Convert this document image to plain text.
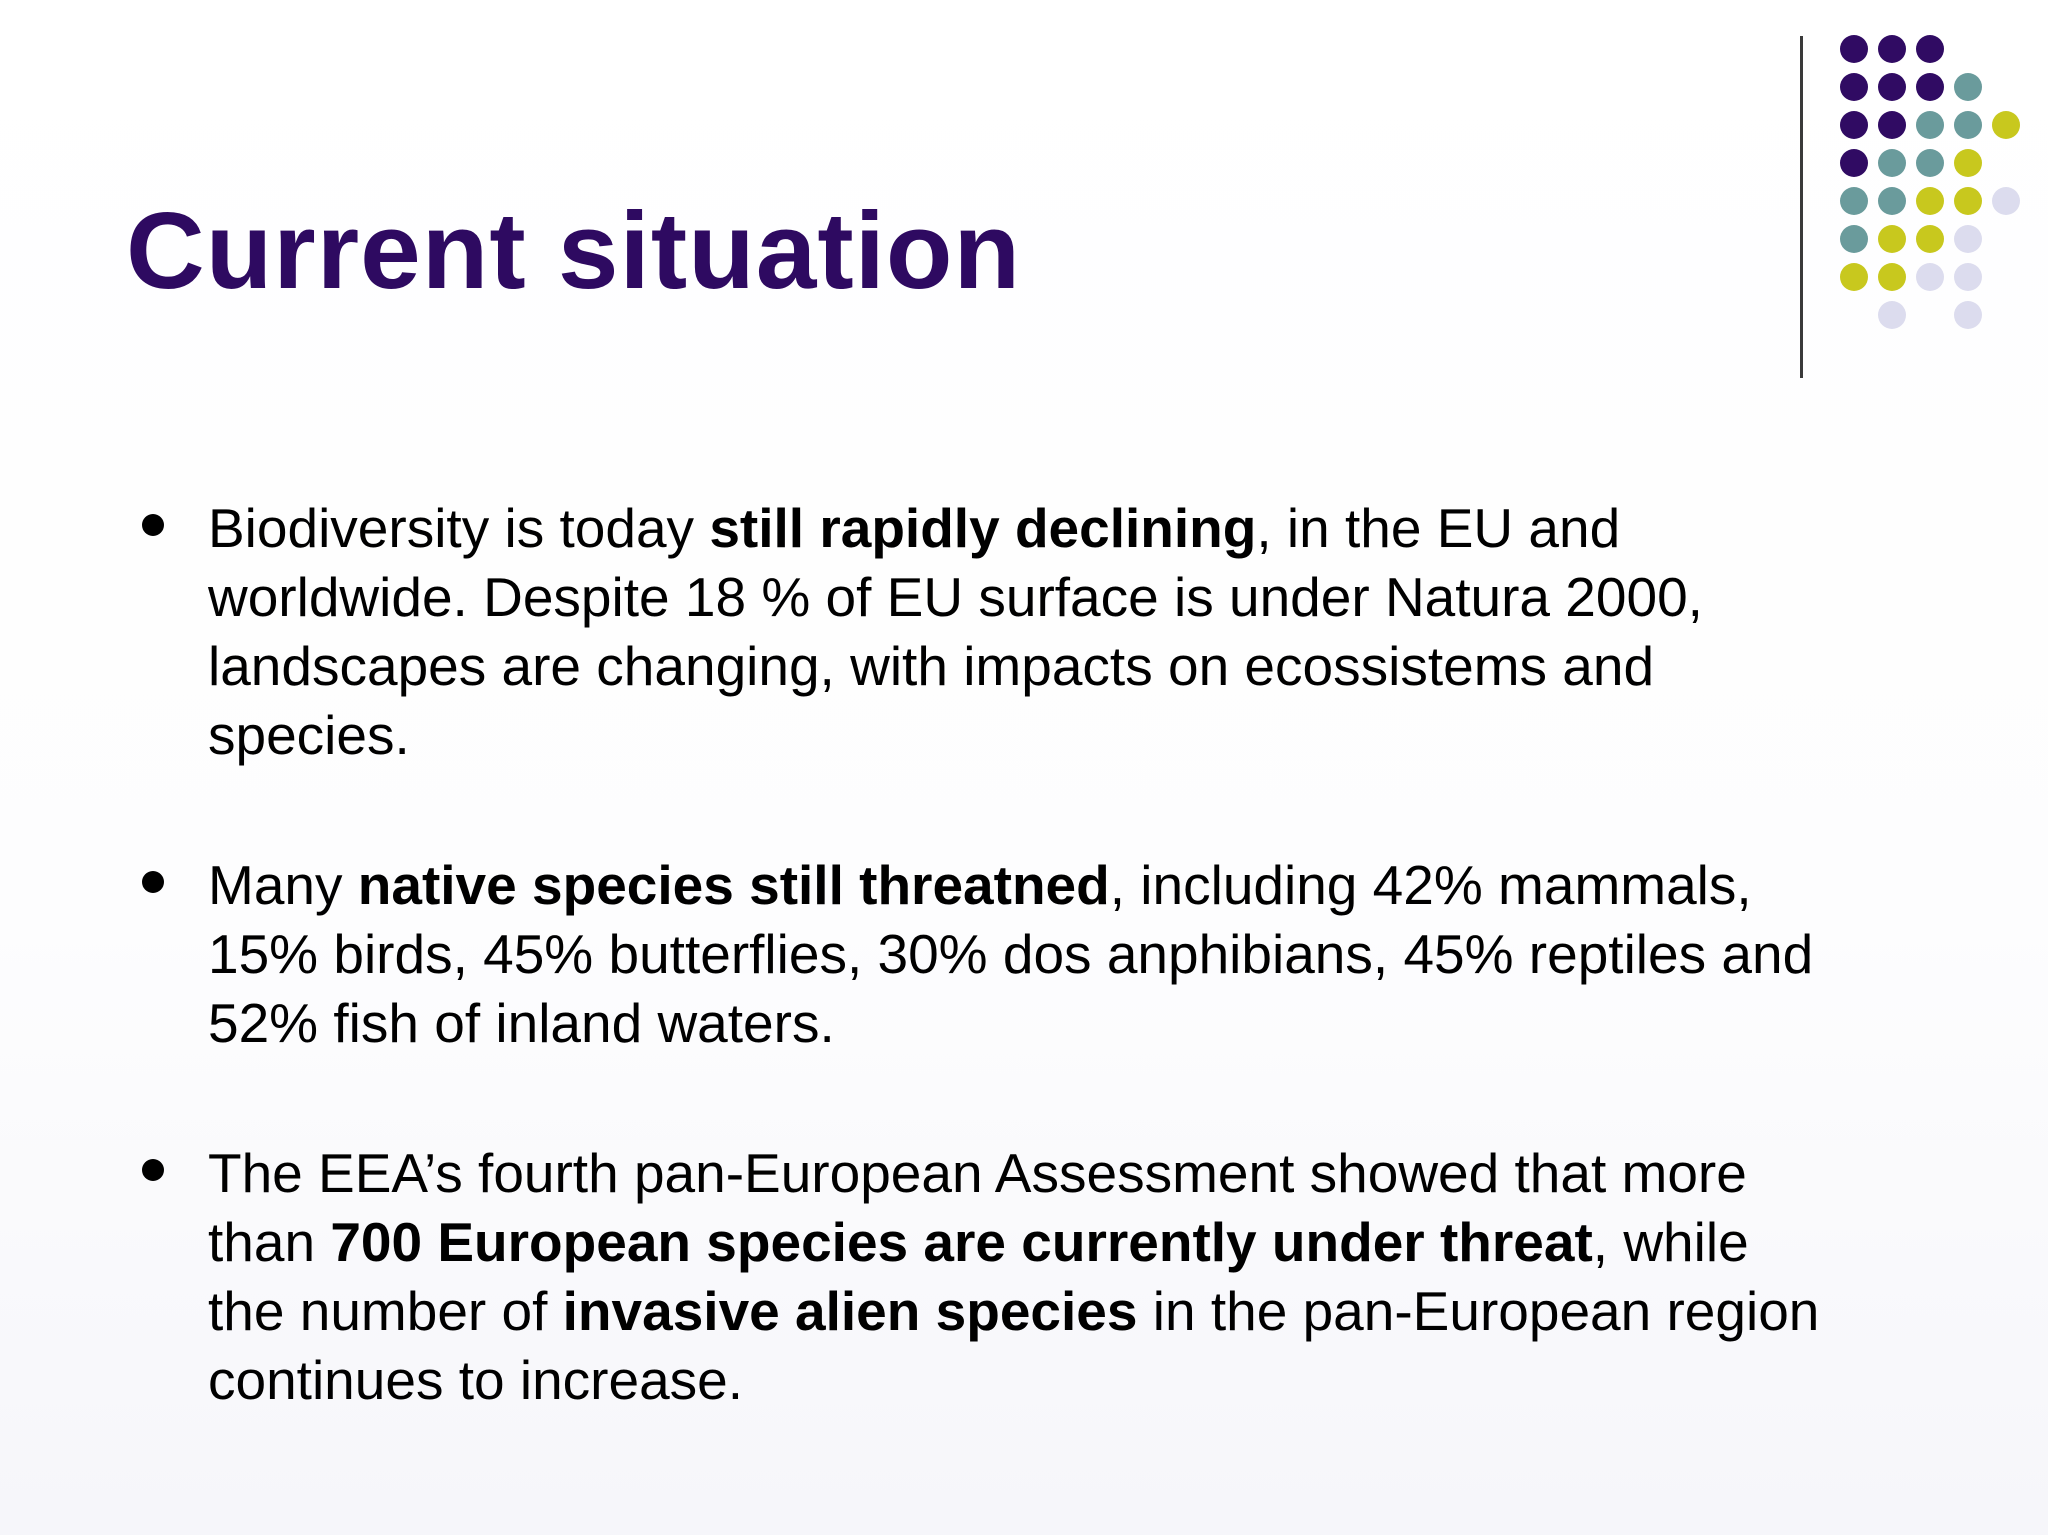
Current situation
Biodiversity is today still rapidly declining, in the EU and worldwide. Despite 18 % of EU surface is under Natura 2000, landscapes are changing, with impacts on ecossistems and species.
Many native species still threatned, including 42% mammals, 15% birds, 45% butterflies, 30% dos anphibians, 45% reptiles and 52% fish of inland waters.
The EEA’s fourth pan-European Assessment showed that more than 700 European species are currently under threat, while the number of invasive alien species in the pan-European region continues to increase.
